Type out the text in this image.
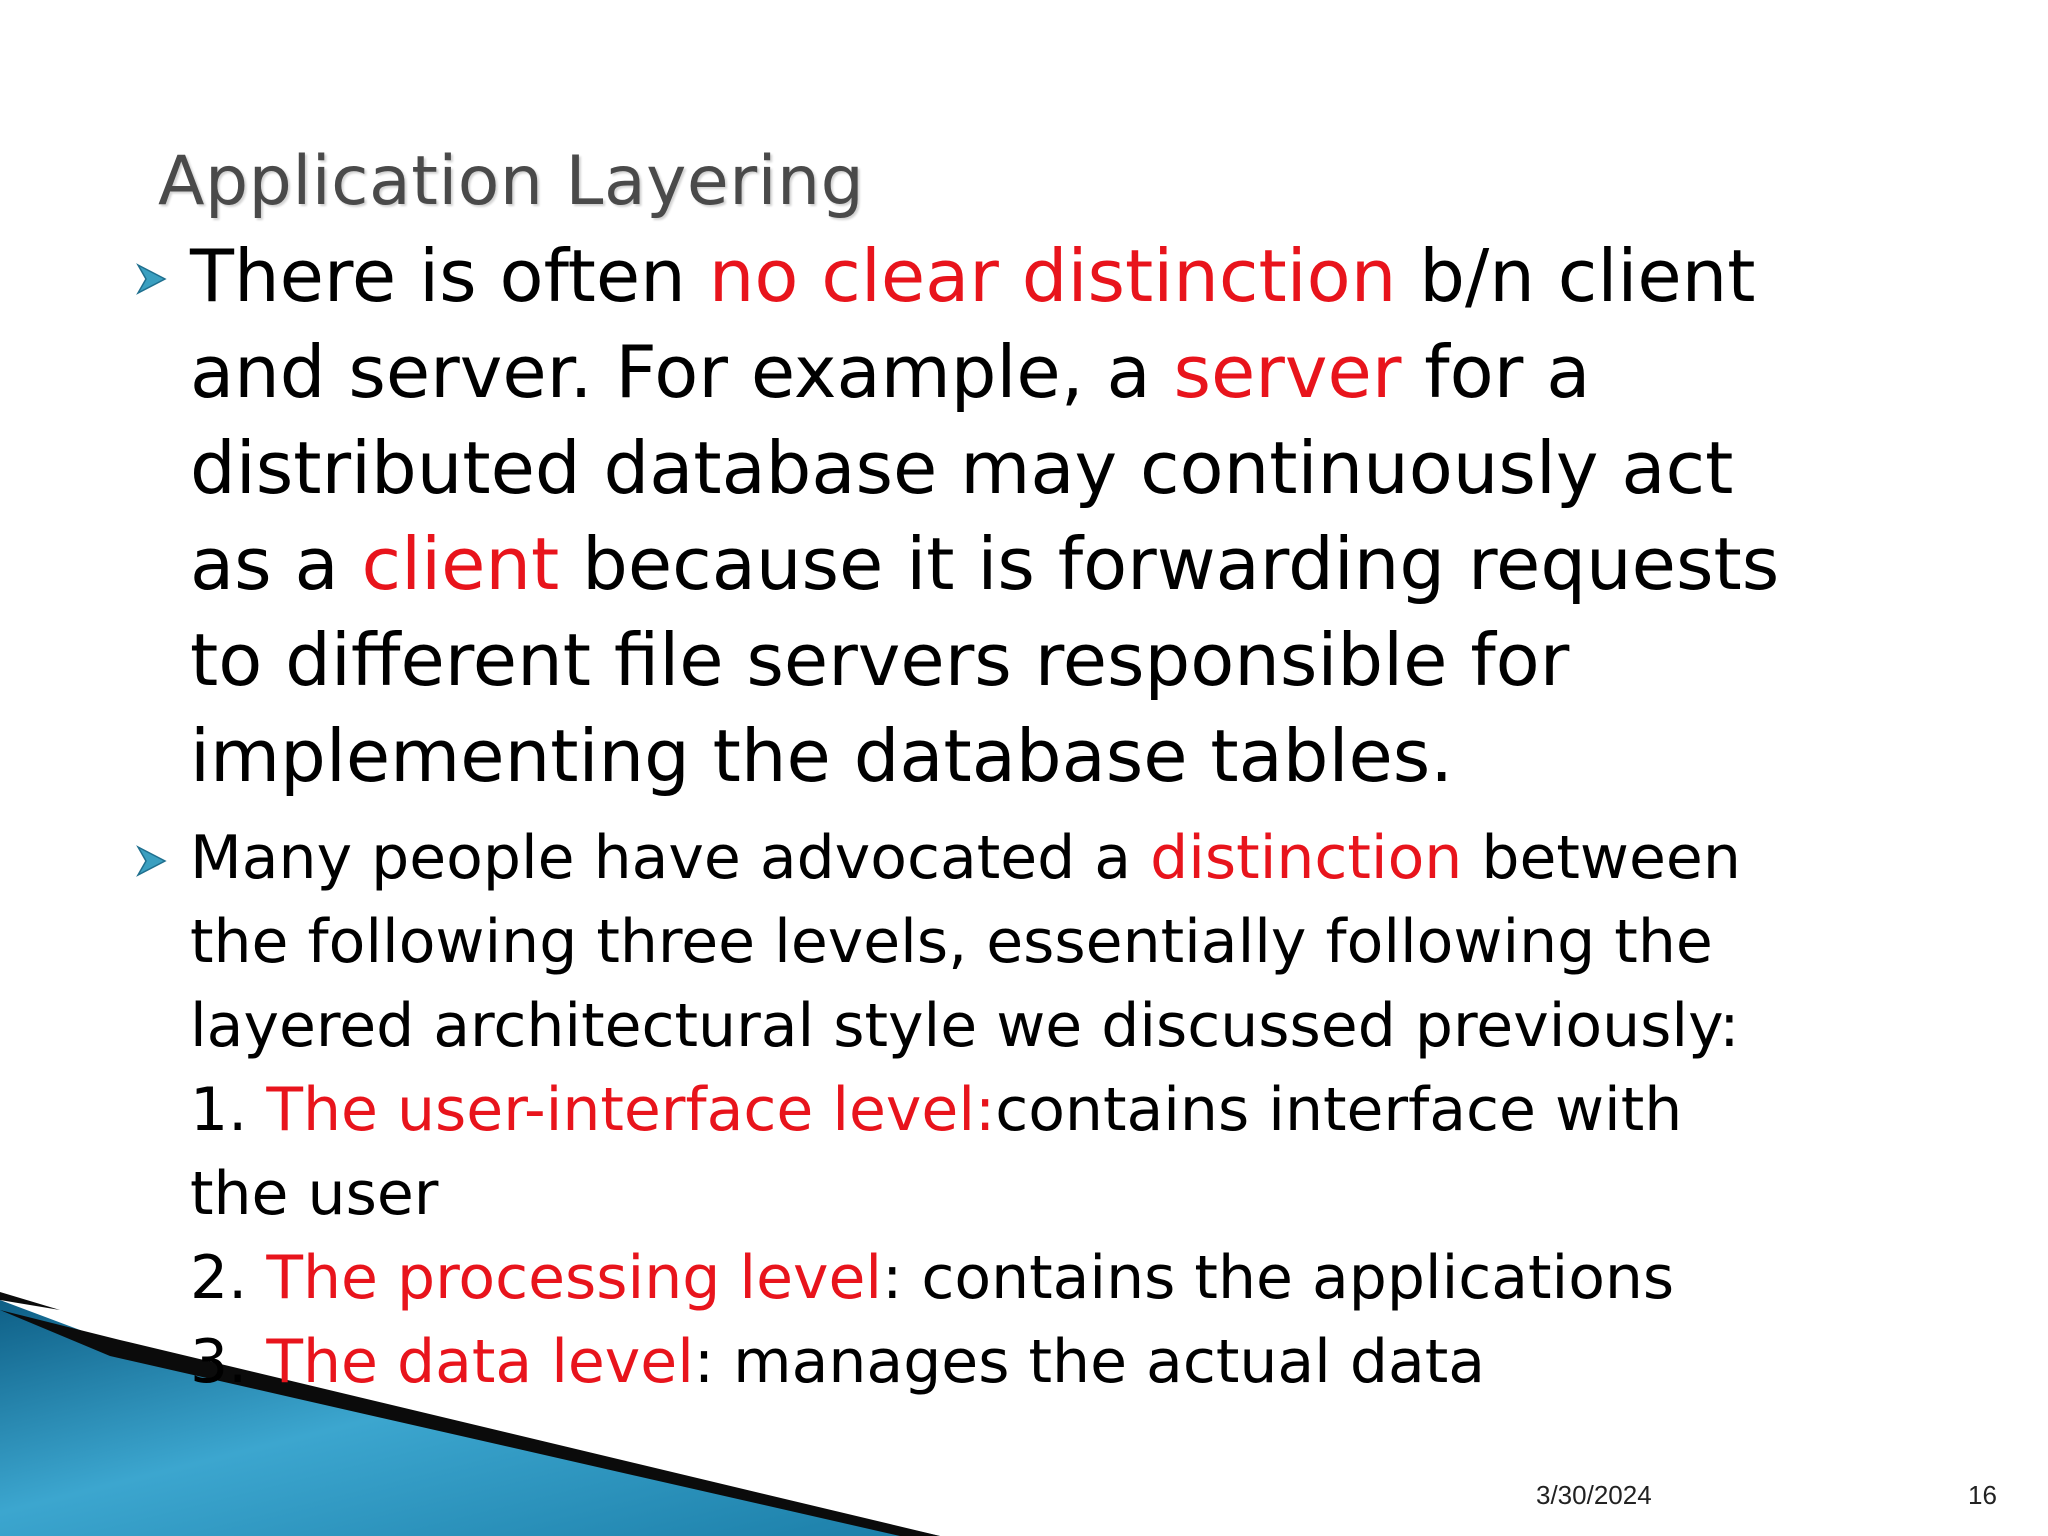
Application Layering
There is often no clear distinction b/n client
and server. For example, a server for a
distributed database may continuously act
as a client because it is forwarding requests
to different file servers responsible for
implementing the database tables.
Many people have advocated a distinction between
the following three levels, essentially following the
layered architectural style we discussed previously:
1. The user-interface level:contains interface with
the user
2. The processing level: contains the applications
3. The data level: manages the actual data
3/30/2024	16
